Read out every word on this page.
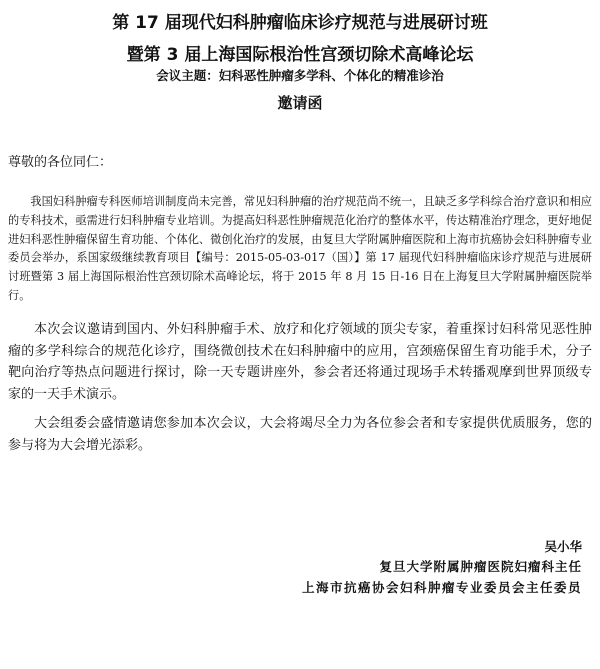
第 17 届现代妇科肿瘤临床诊疗规范与进展研讨班
暨第 3 届上海国际根治性宫颈切除术高峰论坛
会议主题：妇科恶性肿瘤多学科、个体化的精准诊治
邀请函
尊敬的各位同仁：

我国妇科肿瘤专科医师培训制度尚未完善，常见妇科肿瘤的治疗规范尚不统一，且缺乏多学科综合治疗意识和相应的专科技术，亟需进行妇科肿瘤专业培训。为提高妇科恶性肿瘤规范化治疗的整体水平，传达精准治疗理念，更好地促进妇科恶性肿瘤保留生育功能、个体化、微创化治疗的发展，由复旦大学附属肿瘤医院和上海市抗癌协会妇科肿瘤专业委员会举办，系国家级继续教育项目【编号：2015-05-03-017（国）】第 17 届现代妇科肿瘤临床诊疗规范与进展研讨班暨第 3 届上海国际根治性宫颈切除术高峰论坛，将于 2015 年 8 月 15 日-16 日在上海复旦大学附属肿瘤医院举行。

本次会议邀请到国内、外妇科肿瘤手术、放疗和化疗领域的顶尖专家，着重探讨妇科常见恶性肿瘤的多学科综合的规范化诊疗，围绕微创技术在妇科肿瘤中的应用，宫颈癌保留生育功能手术，分子靶向治疗等热点问题进行探讨，除一天专题讲座外，参会者还将通过现场手术转播观摩到世界顶级专家的一天手术演示。

大会组委会盛情邀请您参加本次会议，大会将竭尽全力为各位参会者和专家提供优质服务，您的参与将为大会增光添彩。

吴小华
复旦大学附属肿瘤医院妇瘤科主任
上海市抗癌协会妇科肿瘤专业委员会主任委员
